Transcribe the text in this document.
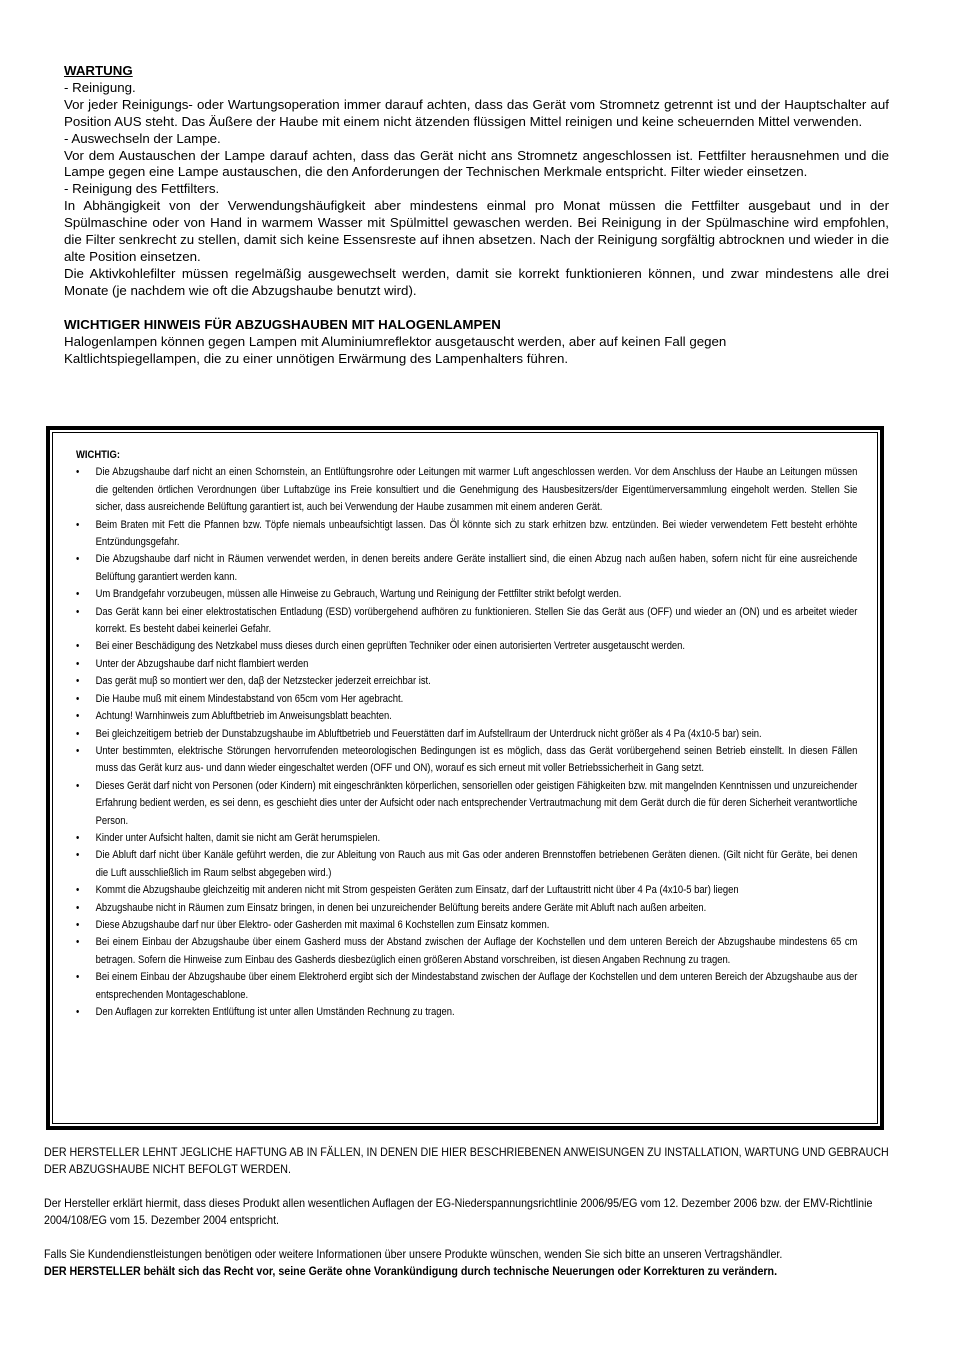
WARTUNG

- Reinigung.

Vor jeder Reinigungs- oder Wartungsoperation immer darauf achten, dass das Gerät vom Stromnetz getrennt ist und der Hauptschalter auf Position AUS steht. Das Äußere der Haube mit einem nicht ätzenden flüssigen Mittel reinigen und keine scheuernden Mittel verwenden.

- Auswechseln der Lampe.

Vor dem Austauschen der Lampe darauf achten, dass das Gerät nicht ans Stromnetz angeschlossen ist. Fettfilter herausnehmen und die Lampe gegen eine Lampe austauschen, die den Anforderungen der Technischen Merkmale entspricht. Filter wieder einsetzen.

- Reinigung des Fettfilters.

In Abhängigkeit von der Verwendungshäufigkeit aber mindestens einmal pro Monat müssen die Fettfilter ausgebaut und in der Spülmaschine oder von Hand in warmem Wasser mit Spülmittel gewaschen werden. Bei Reinigung in der Spülmaschine wird empfohlen, die Filter senkrecht zu stellen, damit sich keine Essensreste auf ihnen absetzen. Nach der Reinigung sorgfältig abtrocknen und wieder in die alte Position einsetzen.

Die Aktivkohlefilter müssen regelmäßig ausgewechselt werden, damit sie korrekt funktionieren können, und zwar mindestens alle drei Monate (je nachdem wie oft die Abzugshaube benutzt wird).

WICHTIGER HINWEIS FÜR ABZUGSHAUBEN MIT HALOGENLAMPEN

Halogenlampen können gegen Lampen mit Aluminiumreflektor ausgetauscht werden, aber auf keinen Fall gegen

Kaltlichtspiegellampen, die zu einer unnötigen Erwärmung des Lampenhalters führen.

WICHTIG:

• Die Abzugshaube darf nicht an einen Schornstein, an Entlüftungsrohre oder Leitungen mit warmer Luft angeschlossen werden. Vor dem Anschluss der Haube an Leitungen müssen die geltenden örtlichen Verordnungen über Luftabzüge ins Freie konsultiert und die Genehmigung des Hausbesitzers/der Eigentümerversammlung eingeholt werden. Stellen Sie sicher, dass ausreichende Belüftung garantiert ist, auch bei Verwendung der Haube zusammen mit einem anderen Gerät.
• Beim Braten mit Fett die Pfannen bzw. Töpfe niemals unbeaufsichtigt lassen. Das Öl könnte sich zu stark erhitzen bzw. entzünden. Bei wieder verwendetem Fett besteht erhöhte Entzündungsgefahr.
• Die Abzugshaube darf nicht in Räumen verwendet werden, in denen bereits andere Geräte installiert sind, die einen Abzug nach außen haben, sofern nicht für eine ausreichende Belüftung garantiert werden kann.
• Um Brandgefahr vorzubeugen, müssen alle Hinweise zu Gebrauch, Wartung und Reinigung der Fettfilter strikt befolgt werden.
• Das Gerät kann bei einer elektrostatischen Entladung (ESD) vorübergehend aufhören zu funktionieren. Stellen Sie das Gerät aus (OFF) und wieder an (ON) und es arbeitet wieder korrekt. Es besteht dabei keinerlei Gefahr.
• Bei einer Beschädigung des Netzkabel muss dieses durch einen geprüften Techniker oder einen autorisierten Vertreter ausgetauscht werden.
• Unter der Abzugshaube darf nicht flambiert werden
• Das gerät muβ so montiert wer den, daβ der Netzstecker jederzeit erreichbar ist.
• Die Haube muß mit einem Mindestabstand von 65cm vom Her agebracht.
• Achtung! Warnhinweis zum Abluftbetrieb im Anweisungsblatt beachten.
• Bei gleichzeitigem betrieb der Dunstabzugshaube im Abluftbetrieb und Feuerstätten darf im Aufstellraum der Unterdruck nicht größer als 4 Pa (4x10-5 bar) sein.
• Unter bestimmten, elektrische Störungen hervorrufenden meteorologischen Bedingungen ist es möglich, dass das Gerät vorübergehend seinen Betrieb einstellt. In diesen Fällen muss das Gerät kurz aus- und dann wieder eingeschaltet werden (OFF und ON), worauf es sich erneut mit voller Betriebssicherheit in Gang setzt.
• Dieses Gerät darf nicht von Personen (oder Kindern) mit eingeschränkten körperlichen, sensoriellen oder geistigen Fähigkeiten bzw. mit mangelnden Kenntnissen und unzureichender Erfahrung bedient werden, es sei denn, es geschieht dies unter der Aufsicht oder nach entsprechender Vertrautmachung mit dem Gerät durch die für deren Sicherheit verantwortliche Person.
• Kinder unter Aufsicht halten, damit sie nicht am Gerät herumspielen.
• Die Abluft darf nicht über Kanäle geführt werden, die zur Ableitung von Rauch aus mit Gas oder anderen Brennstoffen betriebenen Geräten dienen. (Gilt nicht für Geräte, bei denen die Luft ausschließlich im Raum selbst abgegeben wird.)
• Kommt die Abzugshaube gleichzeitig mit anderen nicht mit Strom gespeisten Geräten zum Einsatz, darf der Luftaustritt nicht über 4 Pa (4x10-5 bar) liegen
• Abzugshaube nicht in Räumen zum Einsatz bringen, in denen bei unzureichender Belüftung bereits andere Geräte mit Abluft nach außen arbeiten.
• Diese Abzugshaube darf nur über Elektro- oder Gasherden mit maximal 6 Kochstellen zum Einsatz kommen.
• Bei einem Einbau der Abzugshaube über einem Gasherd muss der Abstand zwischen der Auflage der Kochstellen und dem unteren Bereich der Abzugshaube mindestens 65 cm betragen. Sofern die Hinweise zum Einbau des Gasherds diesbezüglich einen größeren Abstand vorschreiben, ist diesen Angaben Rechnung zu tragen.
• Bei einem Einbau der Abzugshaube über einem Elektroherd ergibt sich der Mindestabstand zwischen der Auflage der Kochstellen und dem unteren Bereich der Abzugshaube aus der entsprechenden Montageschablone.
• Den Auflagen zur korrekten Entlüftung ist unter allen Umständen Rechnung zu tragen.

DER HERSTELLER LEHNT JEGLICHE HAFTUNG AB IN FÄLLEN, IN DENEN DIE HIER BESCHRIEBENEN ANWEISUNGEN ZU INSTALLATION, WARTUNG UND GEBRAUCH DER ABZUGSHAUBE NICHT BEFOLGT WERDEN.

Der Hersteller erklärt hiermit, dass dieses Produkt allen wesentlichen Auflagen der EG-Niederspannungsrichtlinie 2006/95/EG vom 12. Dezember 2006 bzw. der EMV-Richtlinie 2004/108/EG vom 15. Dezember 2004 entspricht.

Falls Sie Kundendienstleistungen benötigen oder weitere Informationen über unsere Produkte wünschen, wenden Sie sich bitte an unseren Vertragshändler.

DER HERSTELLER behält sich das Recht vor, seine Geräte ohne Vorankündigung durch technische Neuerungen oder Korrekturen zu verändern.
